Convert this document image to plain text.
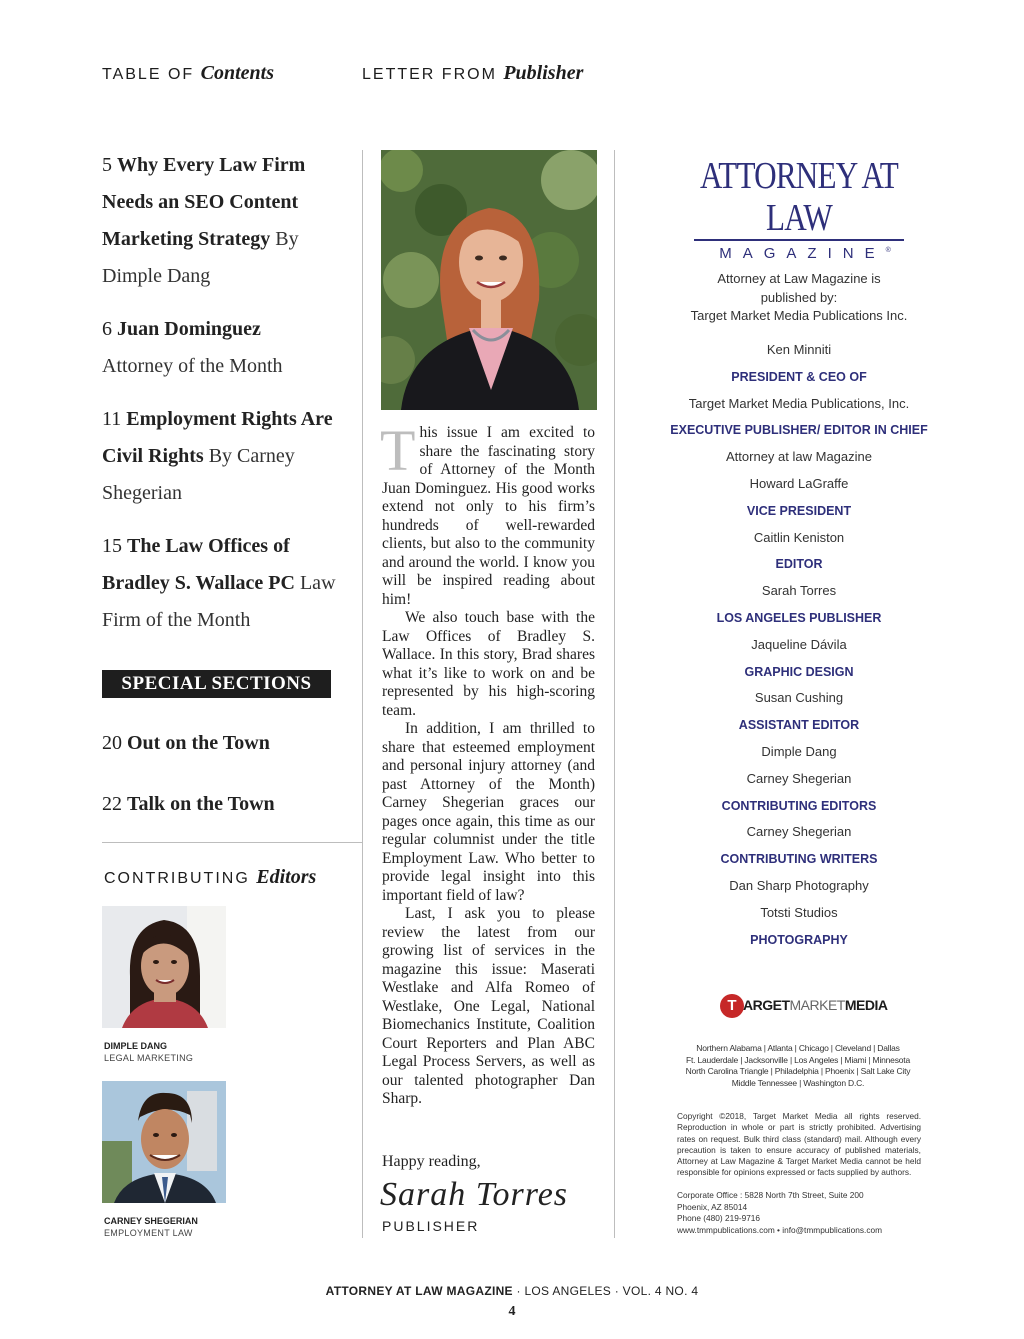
TABLE OF Contents	LETTER FROM Publisher
5 Why Every Law Firm Needs an SEO Content Marketing Strategy By Dimple Dang
6 Juan Dominguez
Attorney of the Month
11 Employment Rights Are Civil Rights By Carney Shegerian
15 The Law Offices of Bradley S. Wallace PC Law Firm of the Month
SPECIAL SECTIONS
20 Out on the Town
22 Talk on the Town
CONTRIBUTING Editors
DIMPLE DANG
LEGAL MARKETING
CARNEY SHEGERIAN
EMPLOYMENT LAW

This issue I am excited to share the fascinating story of Attorney of the Month Juan Dominguez. His good works extend not only to his firm’s hundreds of well-rewarded clients, but also to the community and around the world. I know you will be inspired reading about him!

We also touch base with the Law Offices of Bradley S. Wallace. In this story, Brad shares what it’s like to work on and be represented by his high-scoring team.

In addition, I am thrilled to share that esteemed employment and personal injury attorney (and past Attorney of the Month) Carney Shegerian graces our pages once again, this time as our regular columnist under the title Employment Law. Who better to provide legal insight into this important field of law?

Last, I ask you to please review the latest from our growing list of services in the magazine this issue: Maserati Westlake and Alfa Romeo of Westlake, One Legal, National Biomechanics Institute, Coalition Court Reporters and Plan ABC Legal Process Servers, as well as our talented photographer Dan Sharp.

Happy reading,
Sarah Torres
PUBLISHER
ATTORNEY AT LAW
MAGAZINE®
Attorney at Law Magazine is
published by:
Target Market Media Publications Inc.
Ken Minniti
PRESIDENT & CEO OF
Target Market Media Publications, Inc.
EXECUTIVE PUBLISHER/ EDITOR IN CHIEF
Attorney at law Magazine
Howard LaGraffe
VICE PRESIDENT
Caitlin Keniston
EDITOR
Sarah Torres
LOS ANGELES PUBLISHER
Jaqueline Dávila
GRAPHIC DESIGN
Susan Cushing
ASSISTANT EDITOR
Dimple Dang
Carney Shegerian
CONTRIBUTING EDITORS
Carney Shegerian
CONTRIBUTING WRITERS
Dan Sharp Photography
Totsti Studios
PHOTOGRAPHY
T ARGETMARKETMEDIA
Northern Alabama | Atlanta | Chicago | Cleveland | Dallas
Ft. Lauderdale | Jacksonville | Los Angeles | Miami | Minnesota
North Carolina Triangle | Philadelphia | Phoenix | Salt Lake City
Middle Tennessee | Washington D.C.
Copyright ©2018, Target Market Media all rights reserved. Reproduction in whole or part is strictly prohibited. Advertising rates on request. Bulk third class (standard) mail. Although every precaution is taken to ensure accuracy of published materials, Attorney at Law Magazine & Target Market Media cannot be held responsible for opinions expressed or facts supplied by authors.
Corporate Office : 5828 North 7th Street, Suite 200
Phoenix, AZ 85014
Phone (480) 219-9716
www.tmmpublications.com • info@tmmpublications.com
ATTORNEY AT LAW MAGAZINE · LOS ANGELES · VOL. 4 NO. 4
4
